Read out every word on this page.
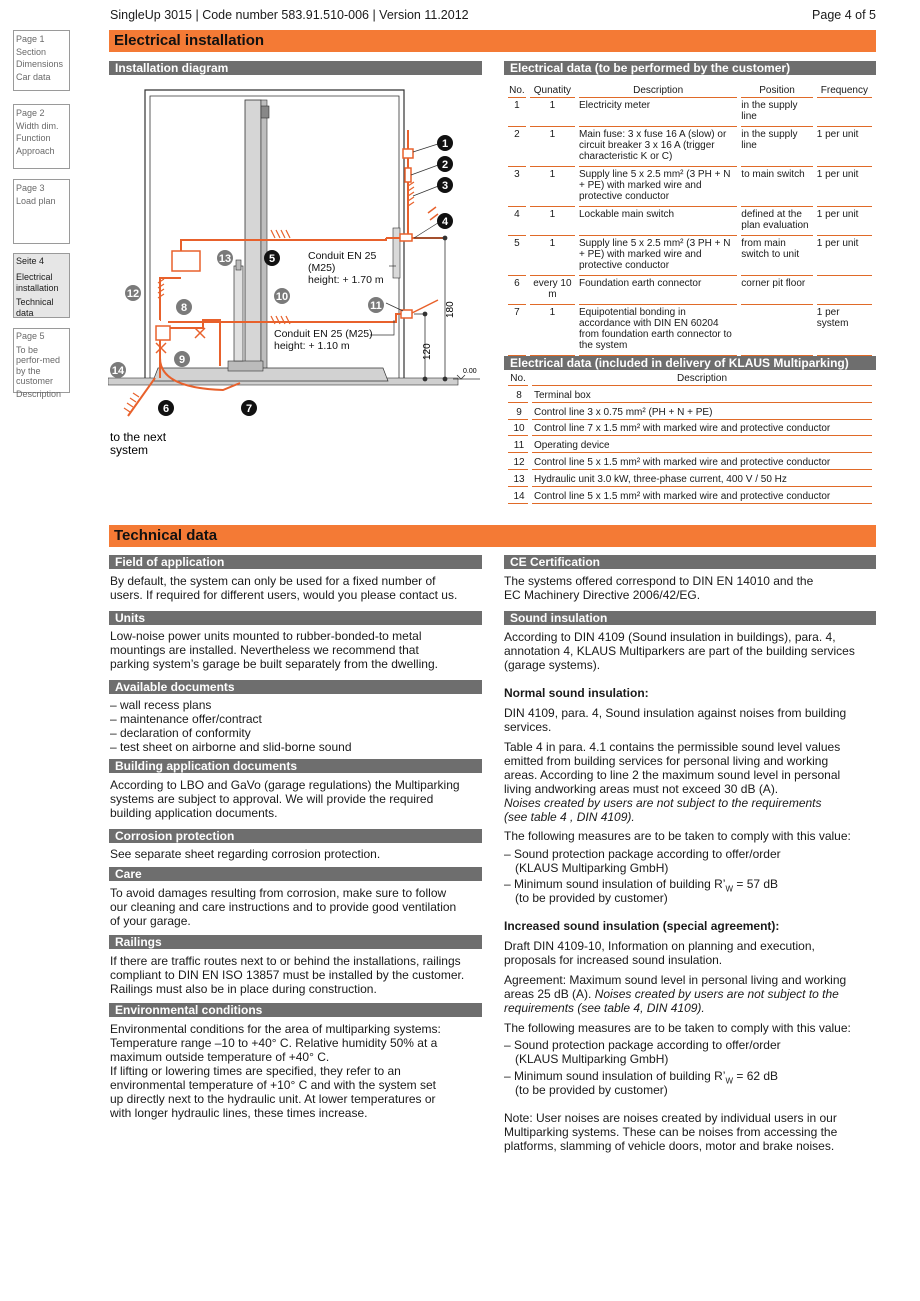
SingleUp 3015 | Code number 583.91.510-006 | Version 11.2012	Page 4 of 5
Page 1
Section
Dimensions
Car data
Page 2
Width dim.
Function
Approach
Page 3
Load plan
Seite 4
Electrical installation
Technical data
Page 5
To be perfor-med by the customer
Description
Electrical installation
Installation diagram	Electrical data (to be performed by the customer)
180
120
0.00
Conduit EN 25
(M25)
height: + 1.70 m
Conduit EN 25 (M25)
height: + 1.10 m
to the next
system
1
2
3
4
5
6	7
8
9
10
11
12
13
14
No.	Qunatity	Description	Position	Frequency
1	1	Electricity meter	in the supply line	
2	1	Main fuse: 3 x fuse 16 A (slow) or circuit breaker 3 x 16 A (trigger characteristic K or C)	in the supply line	1 per unit
3	1	Supply line 5 x 2.5 mm² (3 PH + N + PE) with marked wire and protective conductor	to main switch	1 per unit
4	1	Lockable main switch	defined at the plan evaluation	1 per unit
5	1	Supply line 5 x 2.5 mm² (3 PH + N + PE) with marked wire and protective conductor	from main switch to unit	1 per unit
6	every 10 m	Foundation earth connector	corner pit floor	
7	1	Equipotential bonding in accordance with DIN EN 60204 from foundation earth connector to the system		1 per system
Electrical data (included in delivery of KLAUS Multiparking)
No.	Description
8	Terminal box
9	Control line 3 x 0.75 mm² (PH + N + PE)
10	Control line 7 x 1.5 mm² with marked wire and protective conductor
11	Operating device
12	Control line 5 x 1.5 mm² with marked wire and protective conductor
13	Hydraulic unit 3.0 kW, three-phase current, 400 V / 50 Hz
14	Control line 5 x 1.5 mm² with marked wire and protective conductor
Technical data
Field of application
By default, the system can only be used for a fixed number of
users. If required for different users, would you please contact us.
Units
Low-noise power units mounted to rubber-bonded-to metal
mountings are installed. Nevertheless we recommend that
parking system’s garage be built separately from the dwelling.
Available documents
– wall recess plans
– maintenance offer/contract
– declaration of conformity
– test sheet on airborne and slid-borne sound
Building application documents
According to LBO and GaVo (garage regulations) the Multiparking
systems are subject to approval. We will provide the required
building application documents.
Corrosion protection
See separate sheet regarding corrosion protection.
Care
To avoid damages resulting from corrosion, make sure to follow
our cleaning and care instructions and to provide good ventilation
of your garage.
Railings
If there are traffic routes next to or behind the installations, railings
compliant to DIN EN ISO 13857 must be installed by the customer.
Railings must also be in place during construction.
Environmental conditions
Environmental conditions for the area of multiparking systems:
Temperature range –10 to +40° C. Relative humidity 50% at a
maximum outside temperature of +40° C.
If lifting or lowering times are specified, they refer to an
environmental temperature of +10° C and with the system set
up directly next to the hydraulic unit. At lower temperatures or
with longer hydraulic lines, these times increase.
CE Certification
The systems offered correspond to DIN EN 14010 and the
EC Machinery Directive 2006/42/EG.
Sound insulation
According to DIN 4109 (Sound insulation in buildings), para. 4,
annotation 4, KLAUS Multiparkers are part of the building services
(garage systems).
Normal sound insulation:
DIN 4109, para. 4, Sound insulation against noises from building
services.
Table 4 in para. 4.1 contains the permissible sound level values
emitted from building services for personal living and working
areas. According to line 2 the maximum sound level in personal
living andworking areas must not exceed 30 dB (A).
Noises created by users are not subject to the requirements
(see table 4 , DIN 4109).
The following measures are to be taken to comply with this value:
– Sound protection package according to offer/order
(KLAUS Multiparking GmbH)
– Minimum sound insulation of building $R’_W = 57$ dB
(to be provided by customer)
Increased sound insulation (special agreement):
Draft DIN 4109-10, Information on planning and execution,
proposals for increased sound insulation.
Agreement: Maximum sound level in personal living and working
areas 25 dB (A). Noises created by users are not subject to the
requirements (see table 4, DIN 4109).
The following measures are to be taken to comply with this value:
– Sound protection package according to offer/order
(KLAUS Multiparking GmbH)
– Minimum sound insulation of building $R’_W = 62$ dB
(to be provided by customer)
Note: User noises are noises created by individual users in our
Multiparking systems. These can be noises from accessing the
platforms, slamming of vehicle doors, motor and brake noises.
